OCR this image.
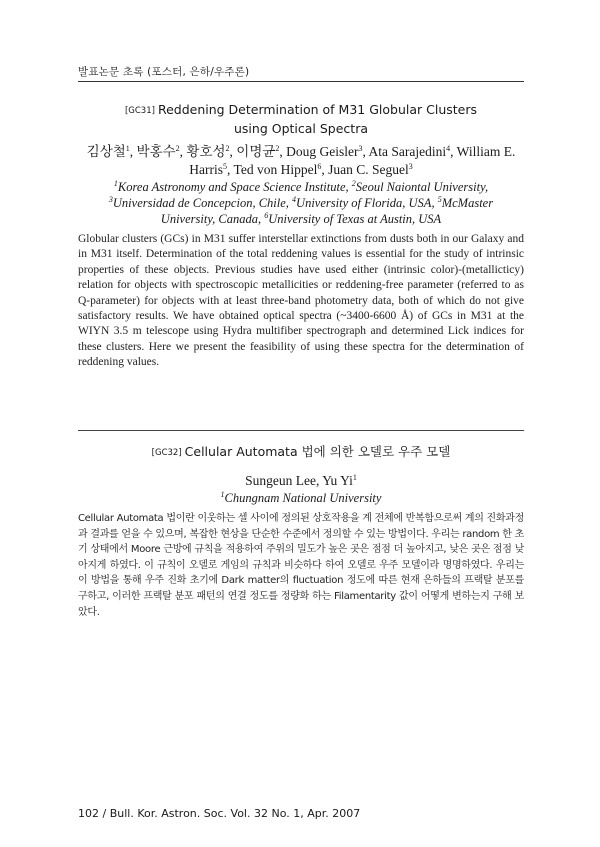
발표논문 초록 (포스터, 은하/우주론)
[GC31] Reddening Determination of M31 Globular Clusters
using Optical Spectra
김상철$^1$, 박홍수$^2$, 황호성$^2$, 이명균$^2$, Doug Geisler$^3$, Ata Sarajedini$^4$, William E.
Harris$^5$, Ted von Hippel$^6$, Juan C. Seguel$^3$
$^1$Korea Astronomy and Space Science Institute, $^2$Seoul Naiontal University,
$^3$Universidad de Concepcion, Chile, $^4$University of Florida, USA, $^5$McMaster
University, Canada, $^6$University of Texas at Austin, USA
Globular clusters (GCs) in M31 suffer interstellar extinctions from dusts both in our Galaxy and in M31 itself. Determination of the total reddening values is essential for the study of intrinsic properties of these objects. Previous studies have used either (intrinsic color)-(metallicticy) relation for objects with spectroscopic metallicities or reddening-free parameter (referred to as Q-parameter) for objects with at least three-band photometry data, both of which do not give satisfactory results. We have obtained optical spectra (~3400-6600 Å) of GCs in M31 at the WIYN 3.5 m telescope using Hydra multifiber spectrograph and determined Lick indices for these clusters. Here we present the feasibility of using these spectra for the determination of reddening values.
[GC32] Cellular Automata 법에 의한 오델로 우주 모델
Sungeun Lee, Yu Yi$^1$
$^1$Chungnam National University
Cellular Automata 법이란 이웃하는 셀 사이에 정의된 상호작용을 계 전체에 반복함으로써 계의 진화과정과 결과를 얻을 수 있으며, 복잡한 현상을 단순한 수준에서 정의할 수 있는 방법이다. 우리는 random 한 초기 상태에서 Moore 근방에 규칙을 적용하여 주위의 밀도가 높은 곳은 점점 더 높아지고, 낮은 곳은 점점 낮아지게 하였다. 이 규칙이 오델로 게임의 규칙과 비슷하다 하여 오델로 우주 모델이라 명명하였다. 우리는 이 방법을 통해 우주 진화 초기에 Dark matter의 fluctuation 정도에 따른 현재 은하들의 프랙탈 분포를 구하고, 이러한 프랙탈 분포 패턴의 연결 정도를 정량화 하는 Filamentarity 값이 어떻게 변하는지 구해 보았다.
102 / Bull. Kor. Astron. Soc. Vol. 32 No. 1, Apr. 2007
